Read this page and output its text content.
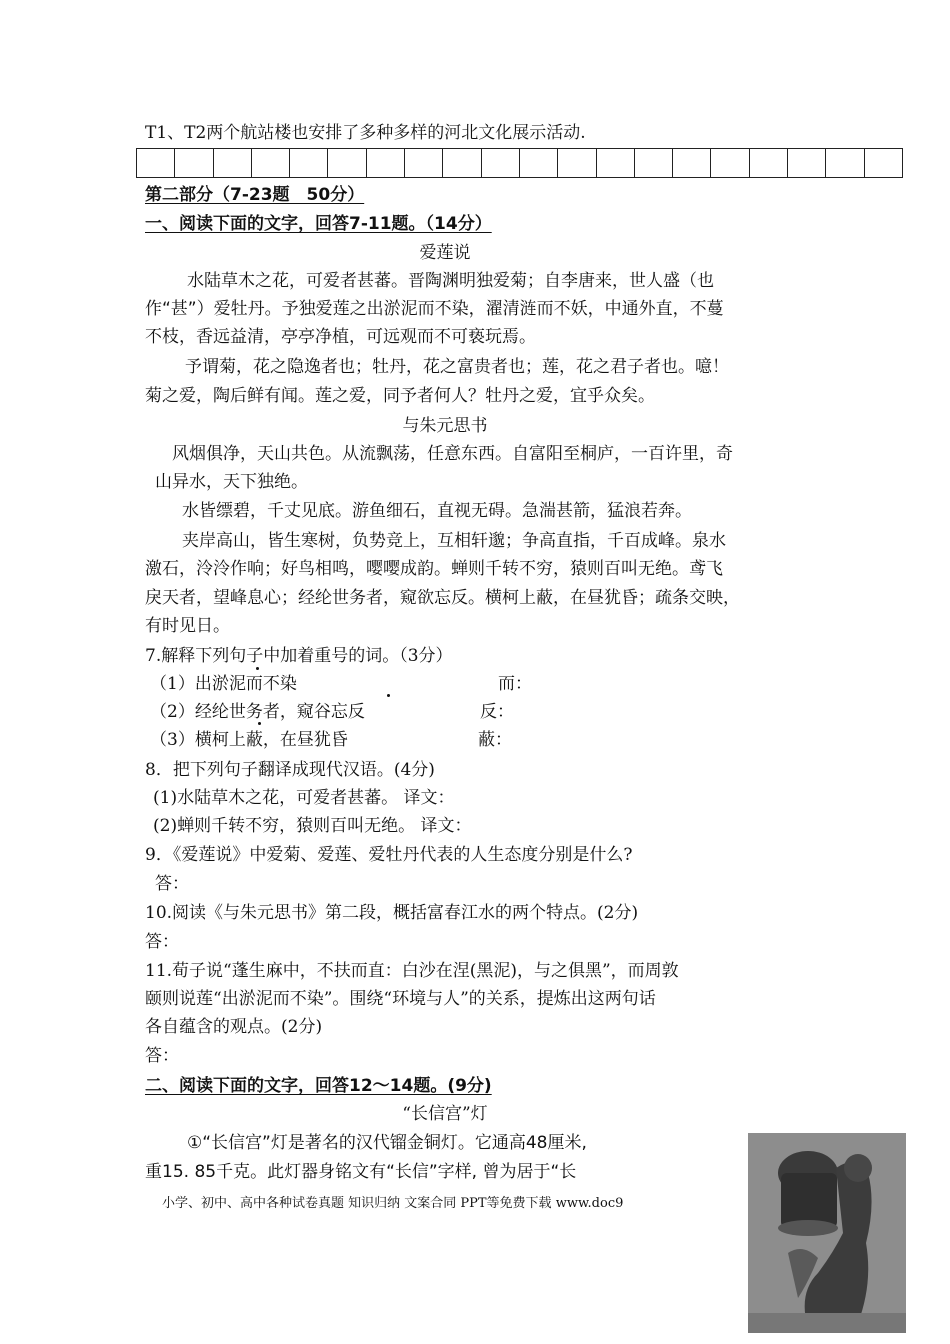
T1、T2两个航站楼也安排了多种多样的河北文化展示活动.

第二部分（7-23题　50分）
一、阅读下面的文字，回答7-11题。（14分）
爱莲说
　水陆草木之花，可爱者甚蕃。晋陶渊明独爱菊；自李唐来，世人盛（也
作“甚”）爱牡丹。予独爱莲之出淤泥而不染，濯清涟而不妖，中通外直，不蔓
不枝，香远益清，亭亭净植，可远观而不可亵玩焉。
　予谓菊，花之隐逸者也；牡丹，花之富贵者也；莲，花之君子者也。噫！
菊之爱，陶后鲜有闻。莲之爱，同予者何人？牡丹之爱，宜乎众矣。
与朱元思书
风烟俱净，天山共色。从流飘荡，任意东西。自富阳至桐庐，一百许里，奇
山异水，天下独绝。
水皆缥碧，千丈见底。游鱼细石，直视无碍。急湍甚箭，猛浪若奔。
夹岸高山，皆生寒树，负势竞上，互相轩邈；争高直指，千百成峰。泉水
激石，泠泠作响；好鸟相鸣，嘤嘤成韵。蝉则千转不穷，猿则百叫无绝。鸢飞
戾天者，望峰息心；经纶世务者，窥欲忘反。横柯上蔽，在昼犹昏；疏条交映，
有时见日。
7.解释下列句子中加着重号的词。（3分）
（1）出淤泥而不染	而：
（2）经纶世务者，窥谷忘反	反：
（3）横柯上蔽，在昼犹昏	蔽：
8．把下列句子翻译成现代汉语。(4分)
(1)水陆草木之花，可爱者甚蕃。 译文：
(2)蝉则千转不穷，猿则百叫无绝。 译文：
9．《爱莲说》中爱菊、爱莲、爱牡丹代表的人生态度分别是什么?
答：
10.阅读《与朱元思书》第二段，概括富春江水的两个特点。(2分)
答：
11.荀子说“蓬生麻中，不扶而直：白沙在涅(黑泥)，与之俱黑”，而周敦
颐则说莲“出淤泥而不染”。围绕“环境与人”的关系，提炼出这两句话
各自蕴含的观点。(2分)
答：
二、阅读下面的文字，回答12～14题。(9分)
“长信宫”灯
　①“长信宫”灯是著名的汉代镏金铜灯。它通高48厘米,
重15. 85千克。此灯器身铭文有“长信”字样, 曾为居于“长
小学、初中、高中各种试卷真题 知识归纳 文案合同 PPT等免费下载 www.doc9
